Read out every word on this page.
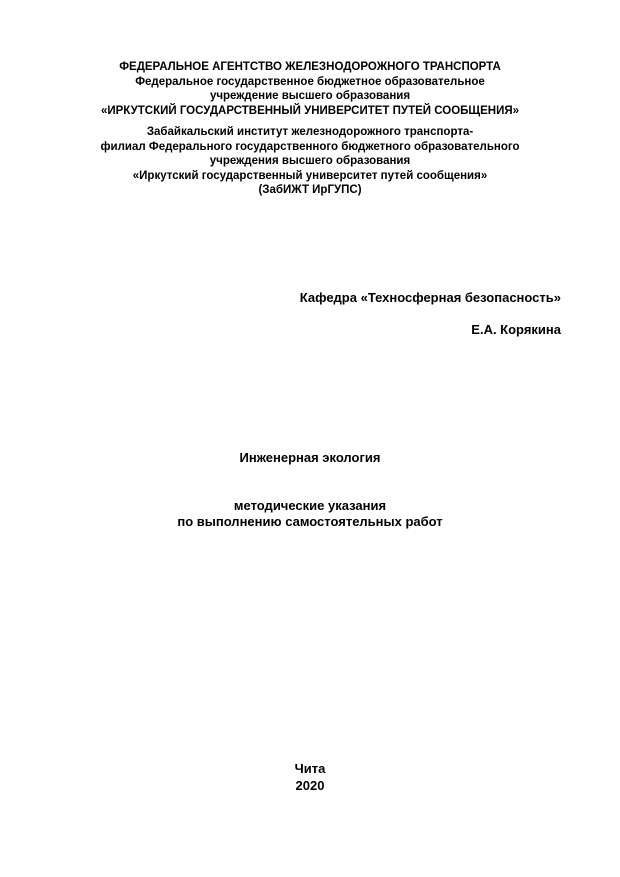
ФЕДЕРАЛЬНОЕ АГЕНТСТВО ЖЕЛЕЗНОДОРОЖНОГО ТРАНСПОРТА
Федеральное государственное бюджетное образовательное
учреждение высшего образования
«ИРКУТСКИЙ ГОСУДАРСТВЕННЫЙ УНИВЕРСИТЕТ ПУТЕЙ СООБЩЕНИЯ»
Забайкальский институт железнодорожного транспорта-
филиал Федерального государственного бюджетного образовательного
учреждения высшего образования
«Иркутский государственный университет путей сообщения»
(ЗабИЖТ ИрГУПС)
Кафедра «Техносферная безопасность»
Е.А. Корякина
Инженерная экология
методические указания
по выполнению самостоятельных работ
Чита
2020
